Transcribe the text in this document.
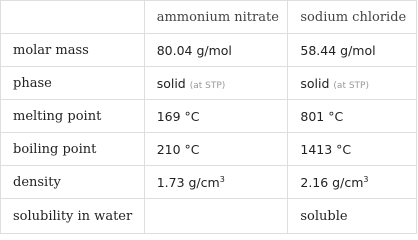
	ammonium nitrate	sodium chloride
molar mass	80.04 g/mol	58.44 g/mol
phase	solid (at STP)	solid (at STP)
melting point	169 °C	801 °C
boiling point	210 °C	1413 °C
density	1.73 $g/cm^3$	2.16 $g/cm^3$
solubility in water		soluble
